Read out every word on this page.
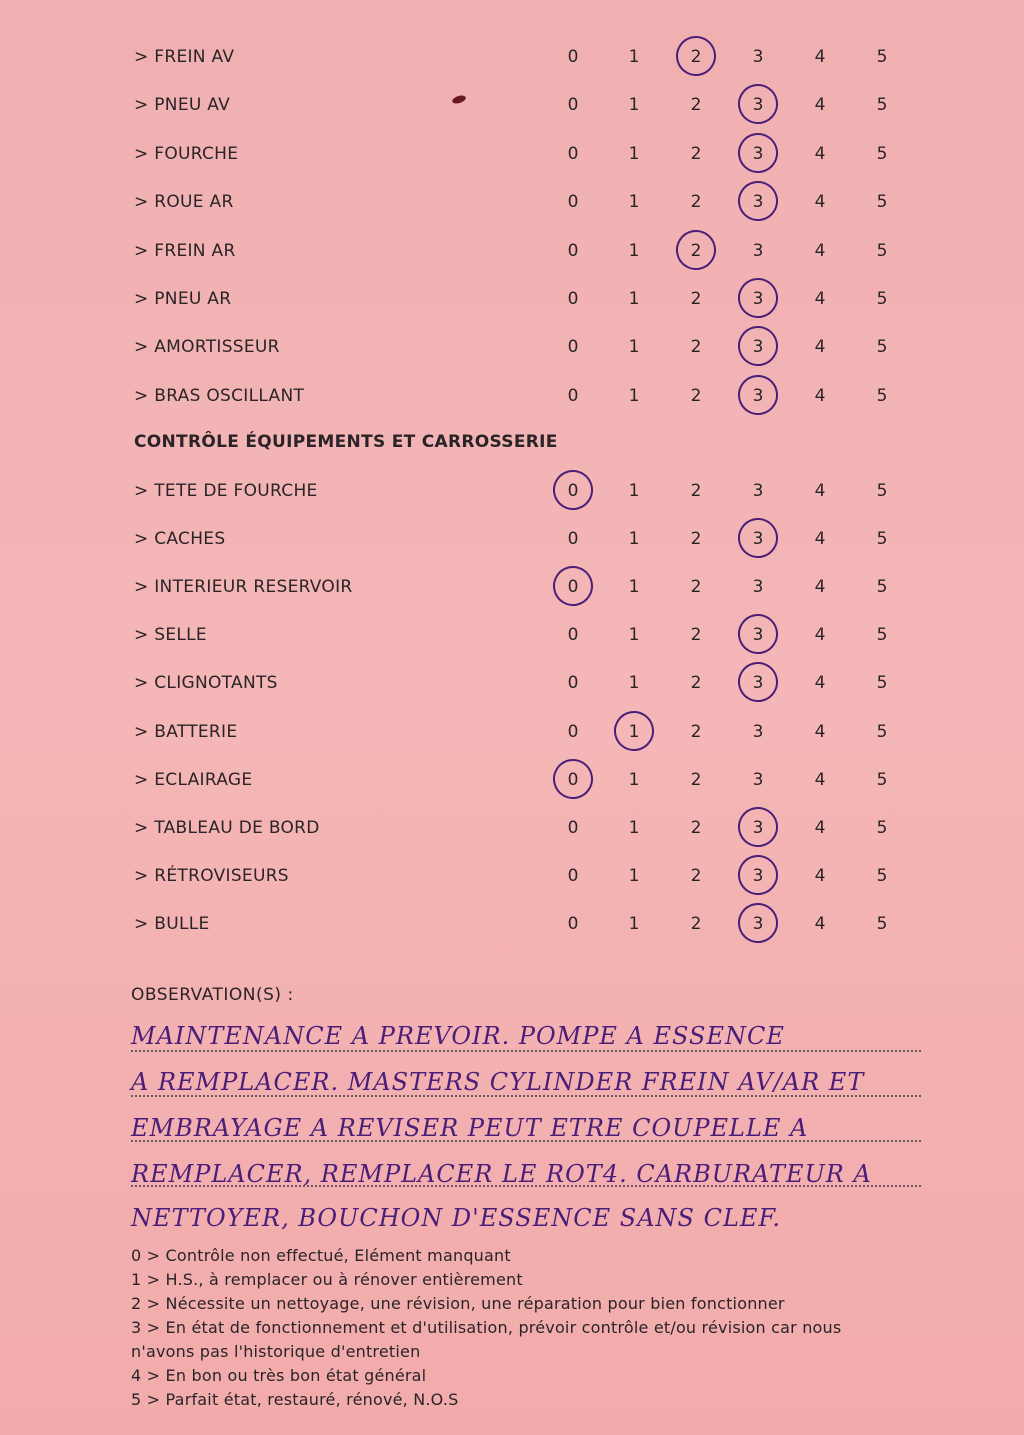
> FREIN AV	0	1	2	3	4	5
> PNEU AV	0	1	2	3	4	5
> FOURCHE	0	1	2	3	4	5
> ROUE AR	0	1	2	3	4	5
> FREIN AR	0	1	2	3	4	5
> PNEU AR	0	1	2	3	4	5
> AMORTISSEUR	0	1	2	3	4	5
> BRAS OSCILLANT	0	1	2	3	4	5
CONTRÔLE ÉQUIPEMENTS ET CARROSSERIE
> TETE DE FOURCHE	0	1	2	3	4	5
> CACHES	0	1	2	3	4	5
> INTERIEUR RESERVOIR	0	1	2	3	4	5
> SELLE	0	1	2	3	4	5
> CLIGNOTANTS	0	1	2	3	4	5
> BATTERIE	0	1	2	3	4	5
> ECLAIRAGE	0	1	2	3	4	5
> TABLEAU DE BORD	0	1	2	3	4	5
> RÉTROVISEURS	0	1	2	3	4	5
> BULLE	0	1	2	3	4	5
OBSERVATION(S) :
MAINTENANCE A PREVOIR. POMPE A ESSENCE
A REMPLACER. MASTERS CYLINDER FREIN AV/AR ET
EMBRAYAGE A REVISER PEUT ETRE COUPELLE A
REMPLACER, REMPLACER LE ROT4. CARBURATEUR A
NETTOYER, BOUCHON D'ESSENCE SANS CLEF.
0 > Contrôle non effectué, Elément manquant
1 > H.S., à remplacer ou à rénover entièrement
2 > Nécessite un nettoyage, une révision, une réparation pour bien fonctionner
3 > En état de fonctionnement et d'utilisation, prévoir contrôle et/ou révision car nous
n'avons pas l'historique d'entretien
4 > En bon ou très bon état général
5 > Parfait état, restauré, rénové, N.O.S
